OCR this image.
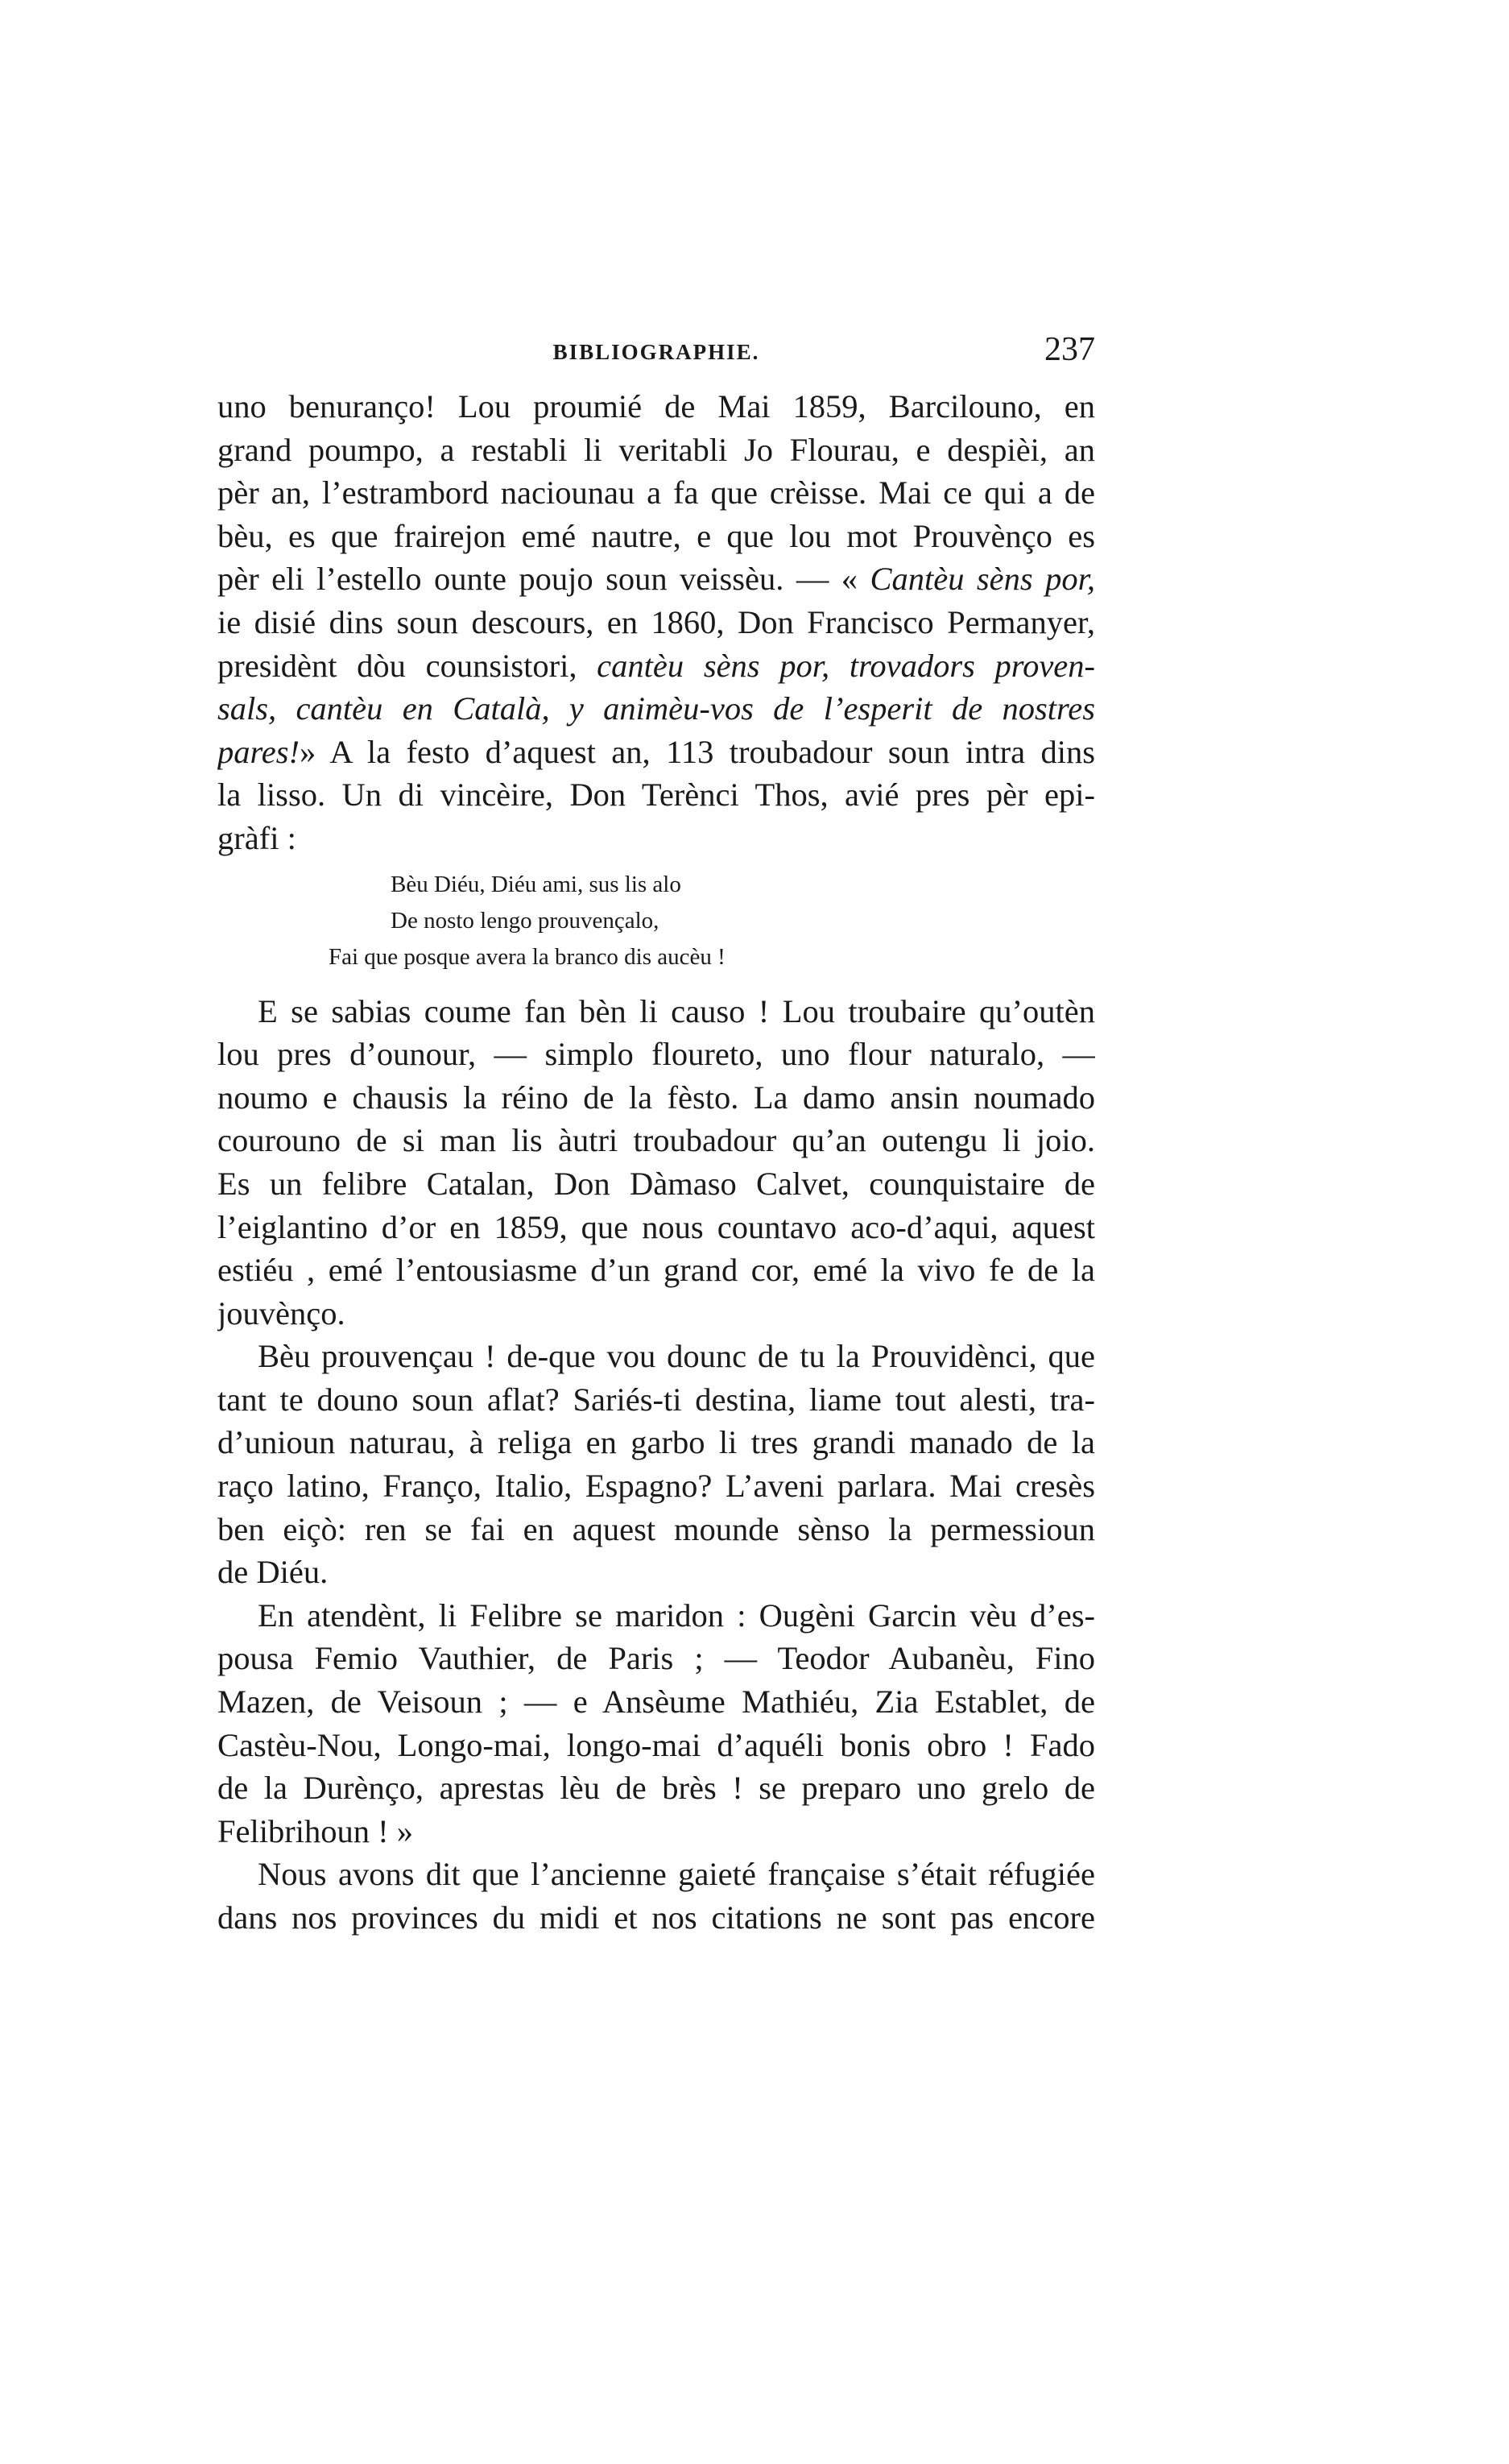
BIBLIOGRAPHIE.	237
uno benuranço! Lou proumié de Mai 1859, Barcilouno, en
grand poumpo, a restabli li veritabli Jo Flourau, e despièi, an
pèr an, l’estrambord naciounau a fa que crèisse. Mai ce qui a de
bèu, es que frairejon emé nautre, e que lou mot Prouvènço es
pèr eli l’estello ounte poujo soun veissèu. — « Cantèu sèns por,
ie disié dins soun descours, en 1860, Don Francisco Permanyer,
presidènt dòu counsistori, cantèu sèns por, trovadors proven-
sals, cantèu en Català, y animèu-vos de l’esperit de nostres
pares!» A la festo d’aquest an, 113 troubadour soun intra dins
la lisso. Un di vincèire, Don Terènci Thos, avié pres pèr epi-
gràfi :
Bèu Diéu, Diéu ami, sus lis alo
De nosto lengo prouvençalo,
Fai que posque avera la branco dis aucèu !
E se sabias coume fan bèn li causo ! Lou troubaire qu’outèn
lou pres d’ounour, — simplo floureto, uno flour naturalo, —
noumo e chausis la réino de la fèsto. La damo ansin noumado
courouno de si man lis àutri troubadour qu’an outengu li joio.
Es un felibre Catalan, Don Dàmaso Calvet, counquistaire de
l’eiglantino d’or en 1859, que nous countavo aco-d’aqui, aquest
estiéu , emé l’entousiasme d’un grand cor, emé la vivo fe de la
jouvènço.
Bèu prouvençau ! de-que vou dounc de tu la Prouvidènci, que
tant te douno soun aflat? Sariés-ti destina, liame tout alesti, tra-
d’unioun naturau, à religa en garbo li tres grandi manado de la
raço latino, Franço, Italio, Espagno? L’aveni parlara. Mai cresès
ben eiçò: ren se fai en aquest mounde sènso la permessioun
de Diéu.
En atendènt, li Felibre se maridon : Ougèni Garcin vèu d’es-
pousa Femio Vauthier, de Paris ; — Teodor Aubanèu, Fino
Mazen, de Veisoun ; — e Ansèume Mathiéu, Zia Establet, de
Castèu-Nou, Longo-mai, longo-mai d’aquéli bonis obro ! Fado
de la Durènço, aprestas lèu de brès ! se preparo uno grelo de
Felibrihoun ! »
Nous avons dit que l’ancienne gaieté française s’était réfugiée
dans nos provinces du midi et nos citations ne sont pas encore
